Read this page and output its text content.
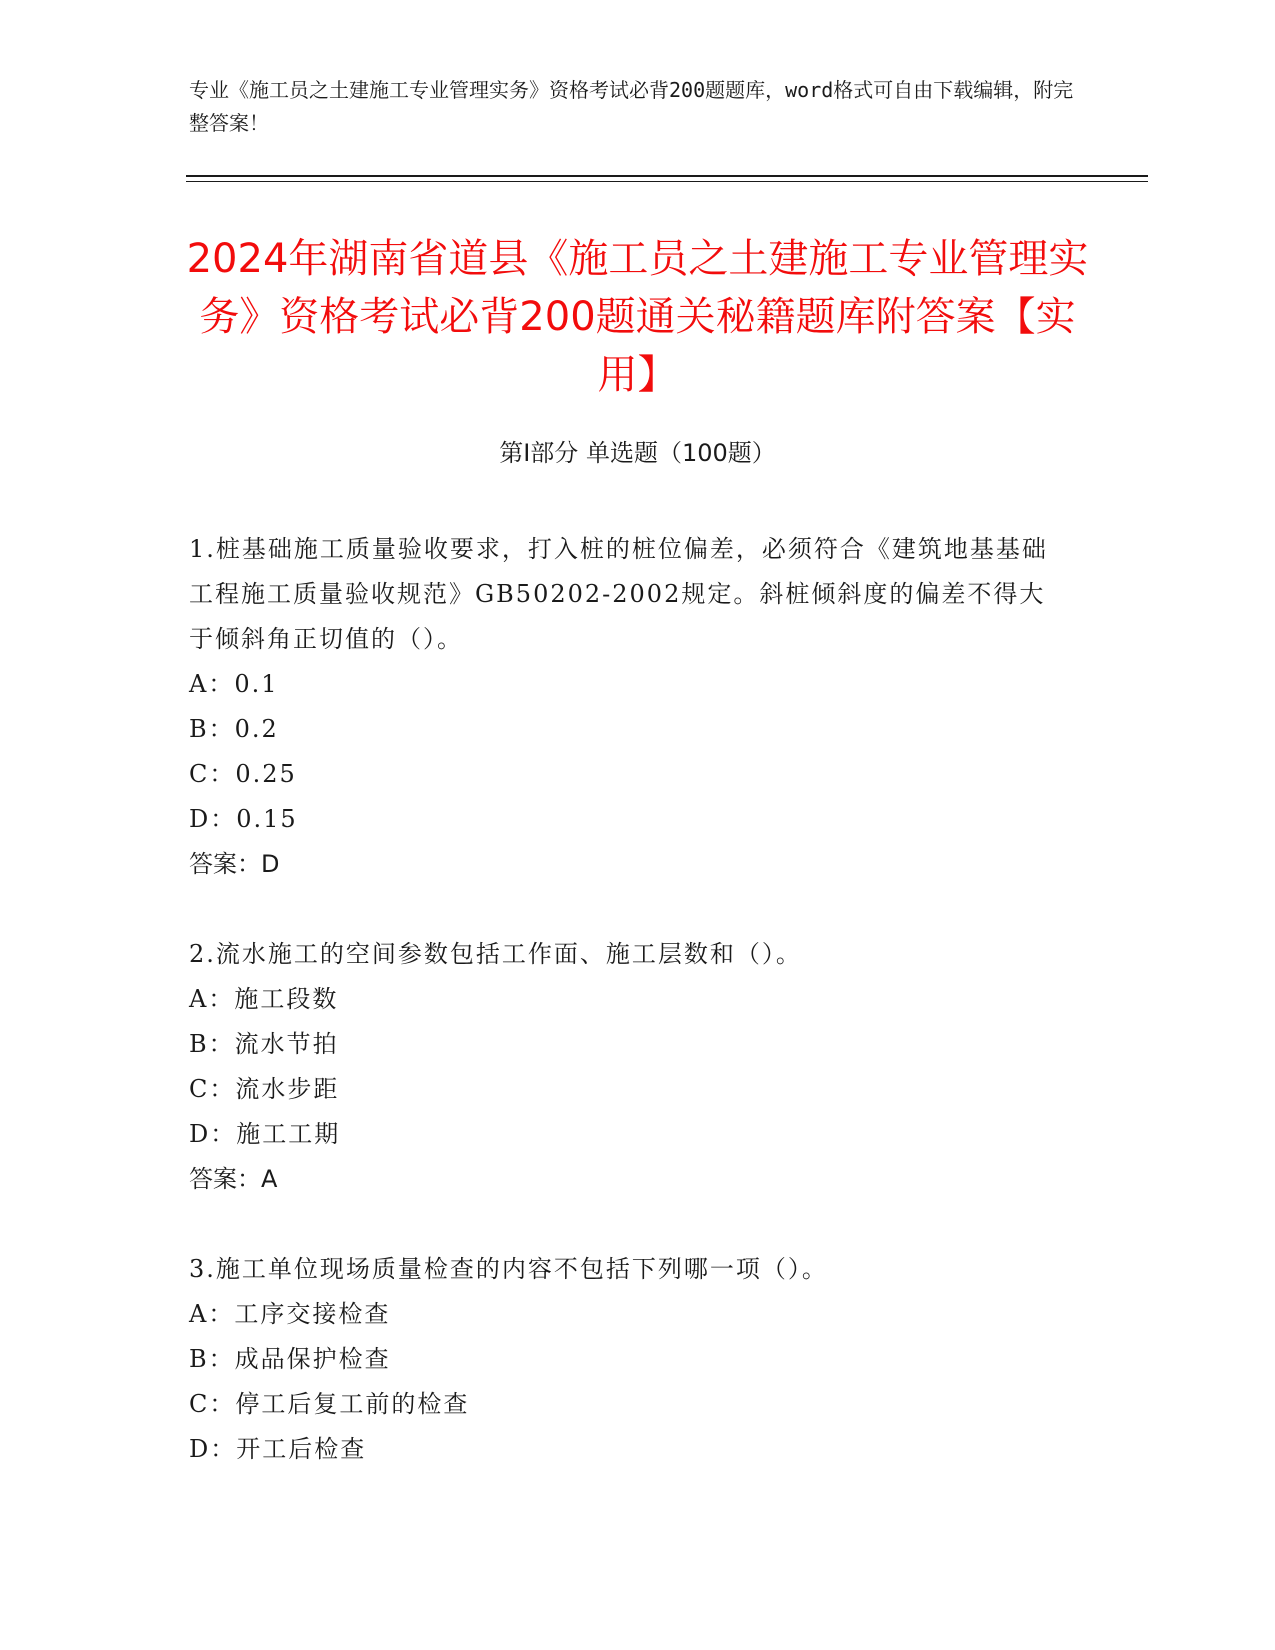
专业《施工员之土建施工专业管理实务》资格考试必背200题题库，word格式可自由下载编辑，附完整答案！
2024年湖南省道县《施工员之土建施工专业管理实务》资格考试必背200题通关秘籍题库附答案【实用】
第I部分 单选题（100题）
1.桩基础施工质量验收要求，打入桩的桩位偏差，必须符合《建筑地基基础工程施工质量验收规范》GB50202-2002规定。斜桩倾斜度的偏差不得大于倾斜角正切值的（）。
A：0.1
B：0.2
C：0.25
D：0.15
答案：D
2.流水施工的空间参数包括工作面、施工层数和（）。
A：施工段数
B：流水节拍
C：流水步距
D：施工工期
答案：A
3.施工单位现场质量检查的内容不包括下列哪一项（）。
A：工序交接检查
B：成品保护检查
C：停工后复工前的检查
D：开工后检查
